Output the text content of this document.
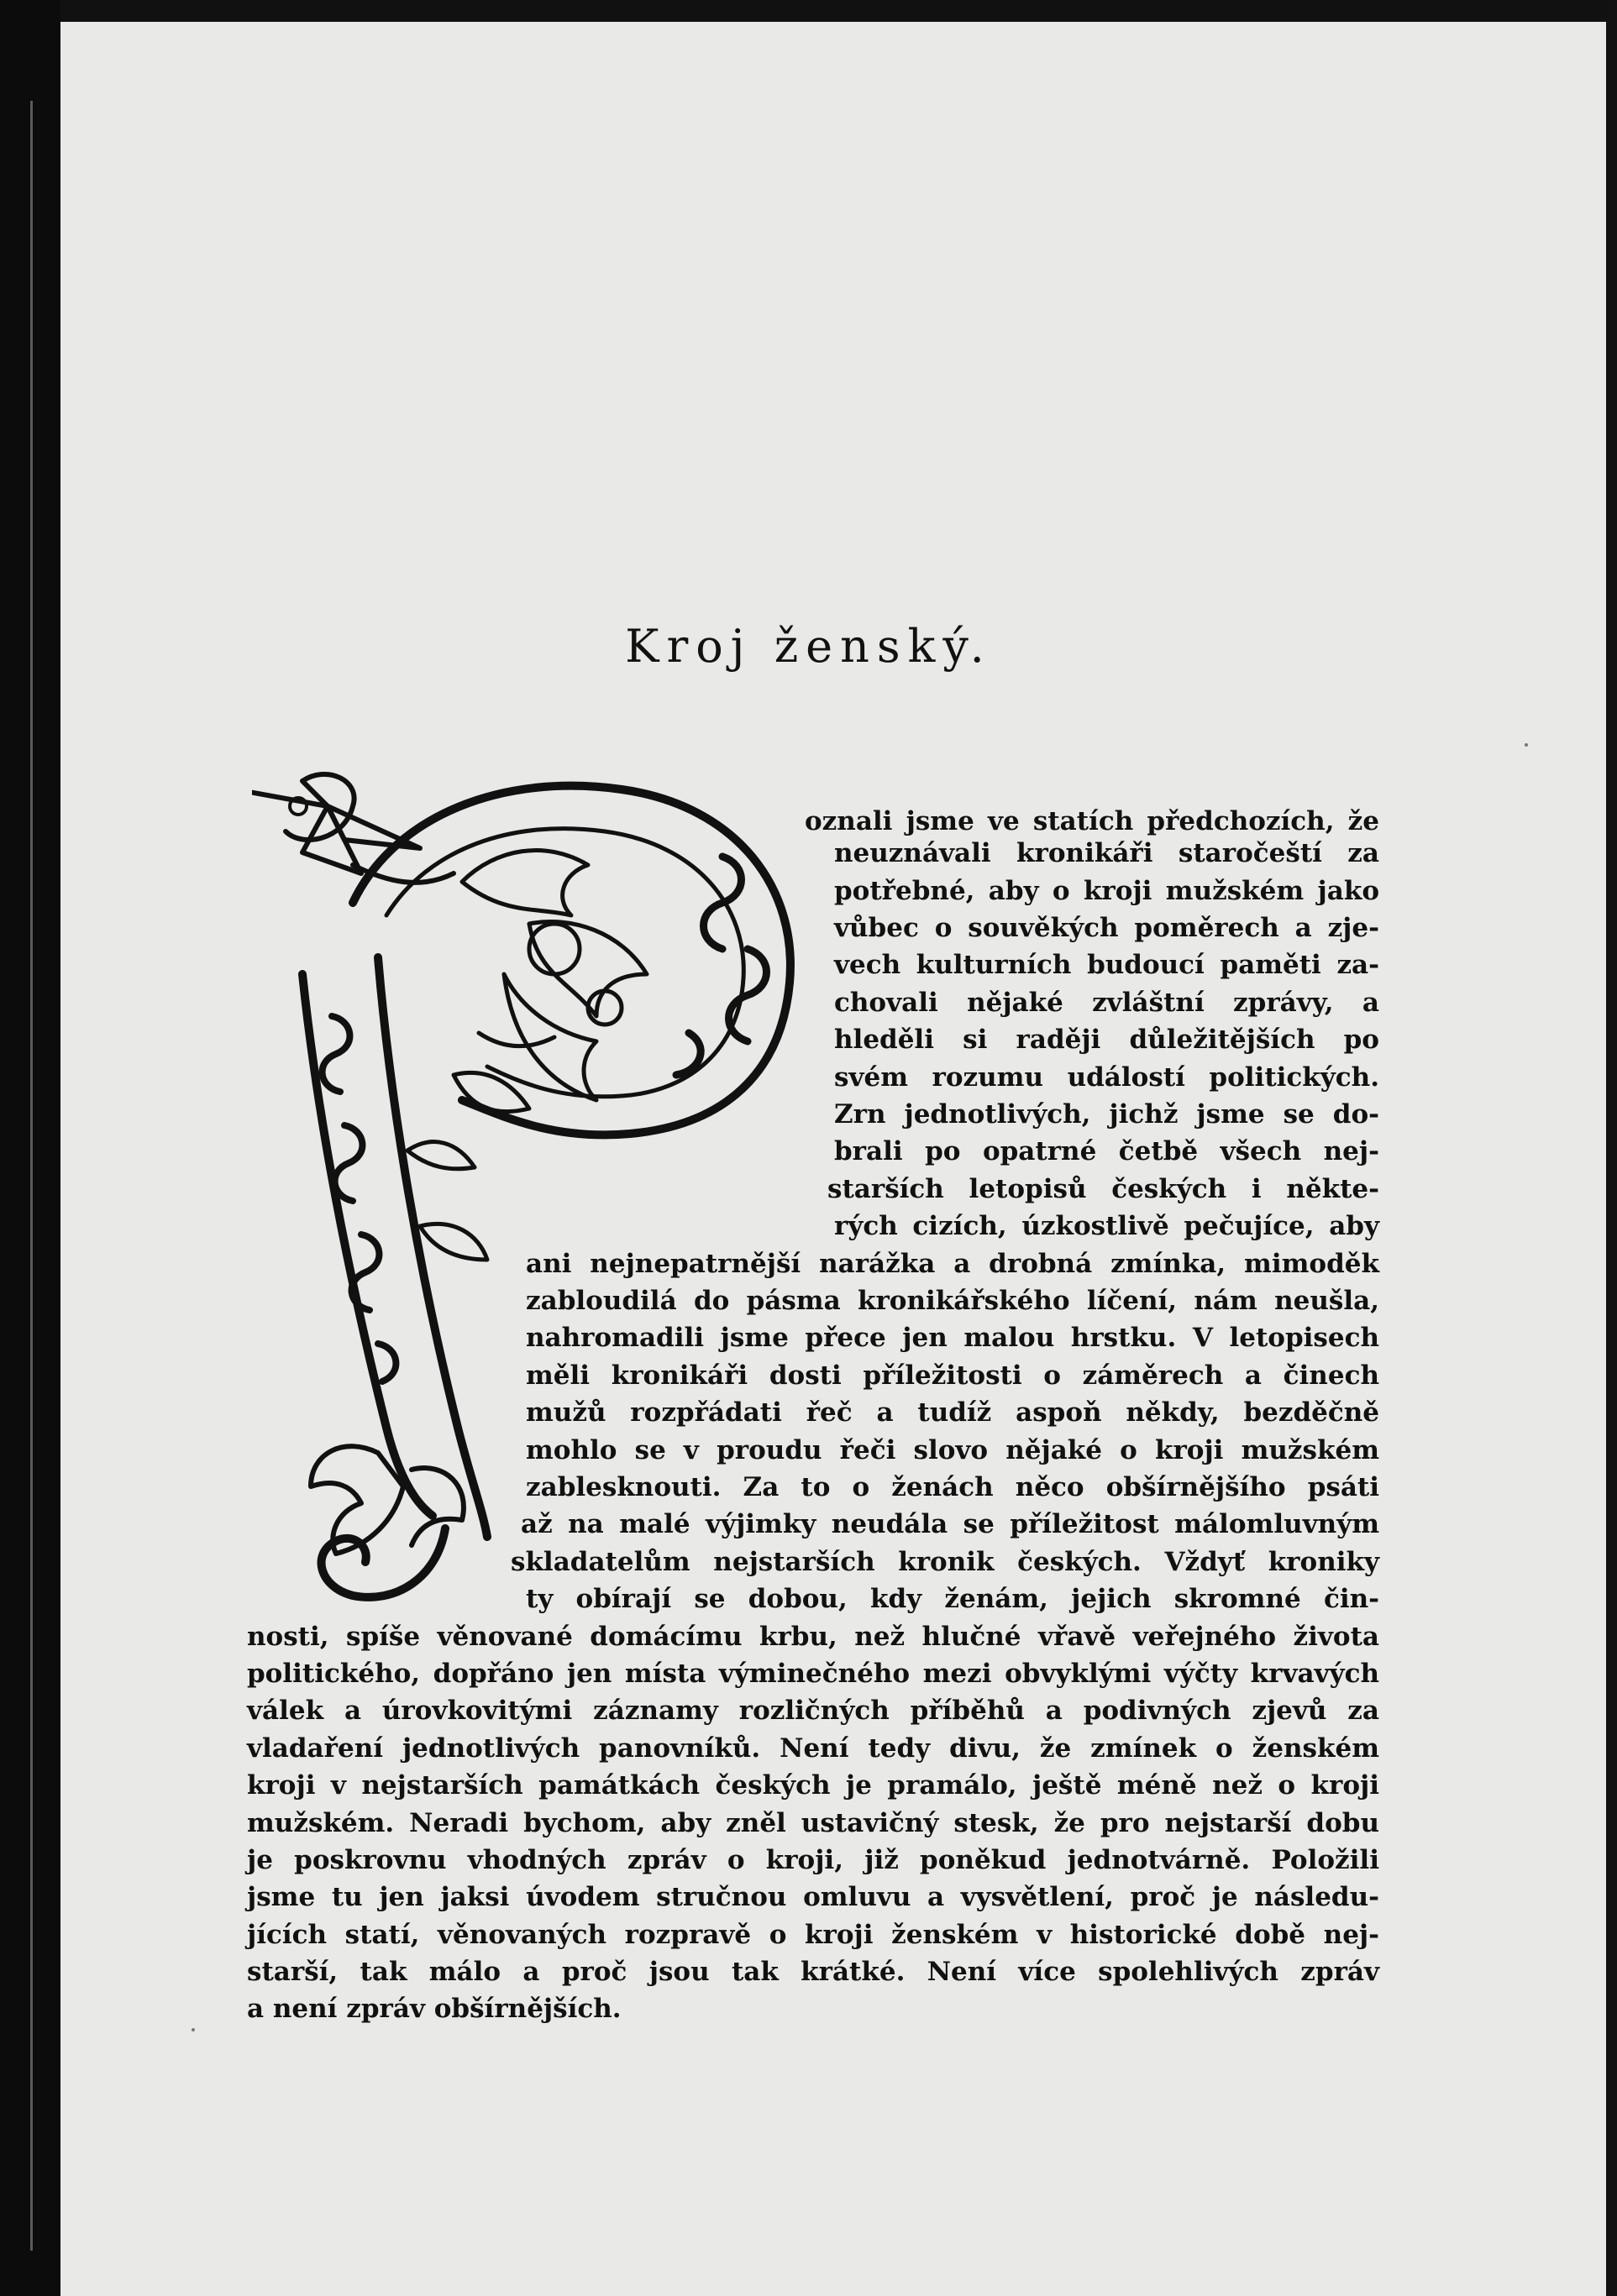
Kroj ženský.
oznali jsme ve statích předchozích, že
neuznávali kronikáři staročeští za
potřebné, aby o kroji mužském jako
vůbec o souvěkých poměrech a zje-
vech kulturních budoucí paměti za-
chovali nějaké zvláštní zprávy, a
hleděli si raději důležitějších po
svém rozumu událostí politických.
Zrn jednotlivých, jichž jsme se do-
brali po opatrné četbě všech nej-
starších letopisů českých i někte-
rých cizích, úzkostlivě pečujíce, aby
ani nejnepatrnější narážka a drobná zmínka, mimoděk
zabloudilá do pásma kronikářského líčení, nám neušla,
nahromadili jsme přece jen malou hrstku. V letopisech
měli kronikáři dosti příležitosti o záměrech a činech
mužů rozpřádati řeč a tudíž aspoň někdy, bezděčně
mohlo se v proudu řeči slovo nějaké o kroji mužském
zablesknouti. Za to o ženách něco obšírnějšího psáti
až na malé výjimky neudála se příležitost málomluvným
skladatelům nejstarších kronik českých. Vždyť kroniky
ty obírají se dobou, kdy ženám, jejich skromné čin-
nosti, spíše věnované domácímu krbu, než hlučné vřavě veřejného života
politického, dopřáno jen místa výminečného mezi obvyklými výčty krvavých
válek a úrovkovitými záznamy rozličných příběhů a podivných zjevů za
vladaření jednotlivých panovníků. Není tedy divu, že zmínek o ženském
kroji v nejstarších památkách českých je pramálo, ještě méně než o kroji
mužském. Neradi bychom, aby zněl ustavičný stesk, že pro nejstarší dobu
je poskrovnu vhodných zpráv o kroji, již poněkud jednotvárně. Položili
jsme tu jen jaksi úvodem stručnou omluvu a vysvětlení, proč je následu-
jících statí, věnovaných rozpravě o kroji ženském v historické době nej-
starší, tak málo a proč jsou tak krátké. Není více spolehlivých zpráv
a není zpráv obšírnějších.
